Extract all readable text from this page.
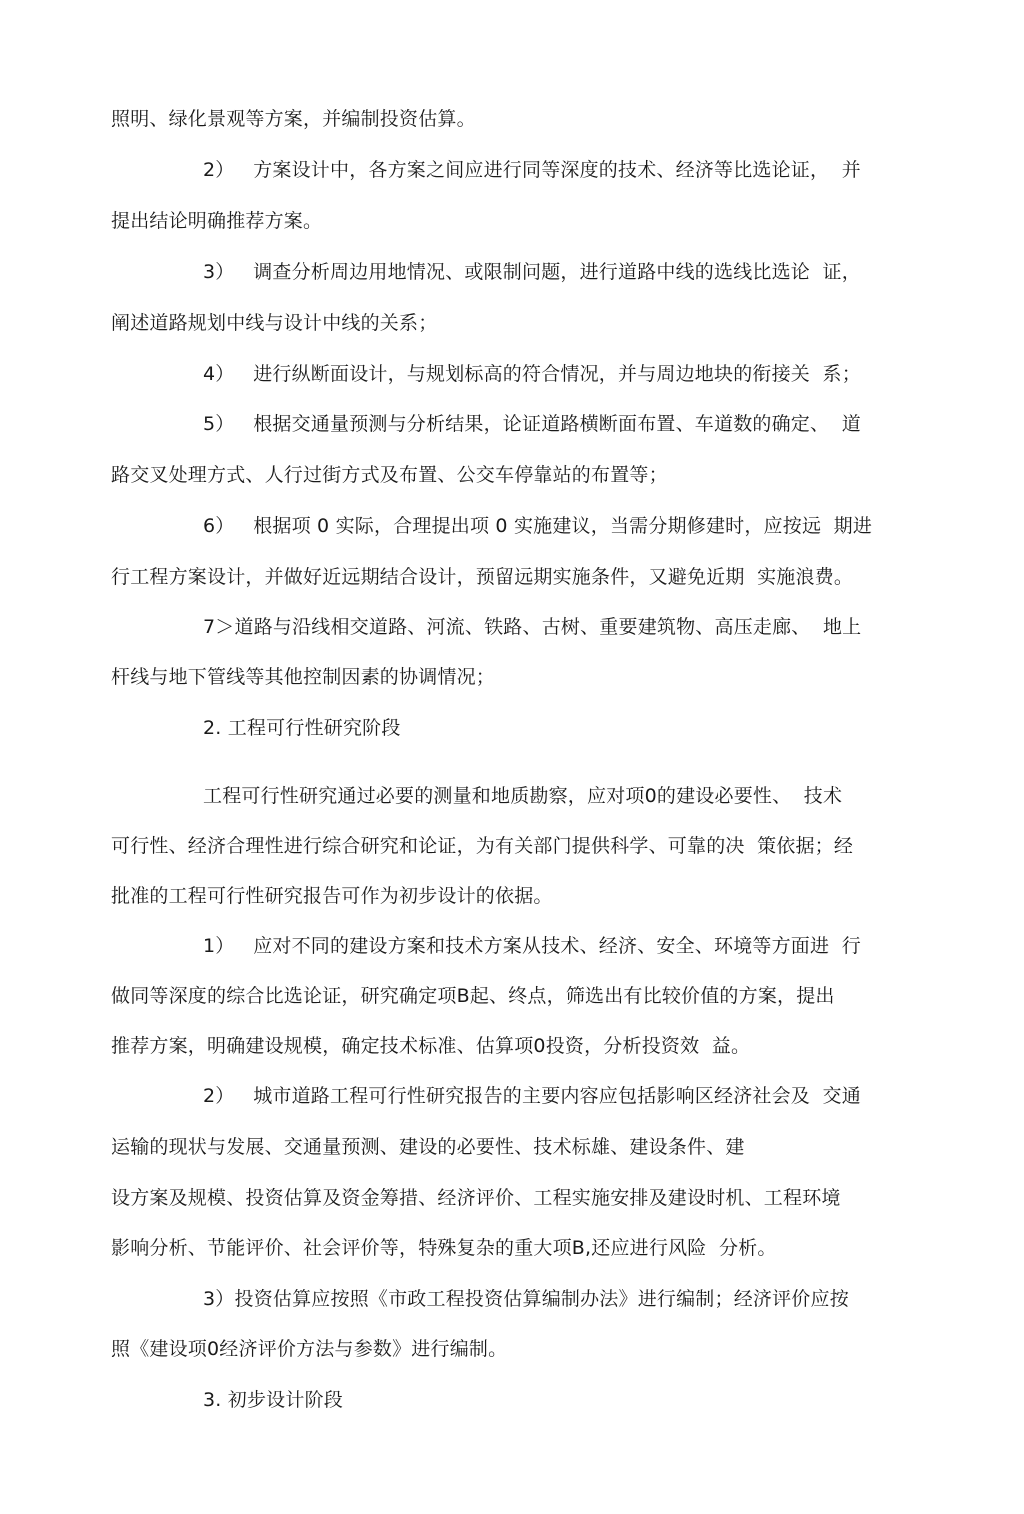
照明、绿化景观等方案，并编制投资估算。
2）   方案设计中，各方案之间应进行同等深度的技术、经济等比选论证，  并
提出结论明确推荐方案。
3）   调查分析周边用地情况、或限制问题，进行道路中线的选线比选论  证，
阐述道路规划中线与设计中线的关系；
4）   进行纵断面设计，与规划标高的符合情况，并与周边地块的衔接关  系；
5）   根据交通量预测与分析结果，论证道路横断面布置、车道数的确定、  道
路交叉处理方式、人行过街方式及布置、公交车停靠站的布置等；
6）   根据项 0 实际，合理提出项 0 实施建议，当需分期修建时，应按远  期进
行工程方案设计，并做好近远期结合设计，预留远期实施条件，又避免近期  实施浪费。
7＞道路与沿线相交道路、河流、铁路、古树、重要建筑物、高压走廊、  地上
杆线与地下管线等其他控制因素的协调情况；
2. 工程可行性研究阶段
工程可行性研究通过必要的测量和地质勘察，应对项0的建设必要性、  技术
可行性、经济合理性进行综合研究和论证，为有关部门提供科学、可靠的决  策依据；经
批准的工程可行性研究报告可作为初步设计的依据。
1）   应对不同的建设方案和技术方案从技术、经济、安全、环境等方面进  行
做同等深度的综合比选论证，研究确定项B起、终点，筛选出有比较价值的方案，提出
推荐方案，明确建设规模，确定技术标准、估算项0投资，分析投资效  益。
2）   城市道路工程可行性研究报告的主要内容应包括影响区经济社会及  交通
运输的现状与发展、交通量预测、建设的必要性、技术标雄、建设条件、建
设方案及规模、投资估算及资金筹措、经济评价、工程实施安排及建设时机、工程环境
影响分析、节能评价、社会评价等，特殊复杂的重大项B,还应进行风险  分析。
3）投资估算应按照《市政工程投资估算编制办法》进行编制；经济评价应按
照《建设项0经济评价方法与参数》进行编制。
3. 初步设计阶段
